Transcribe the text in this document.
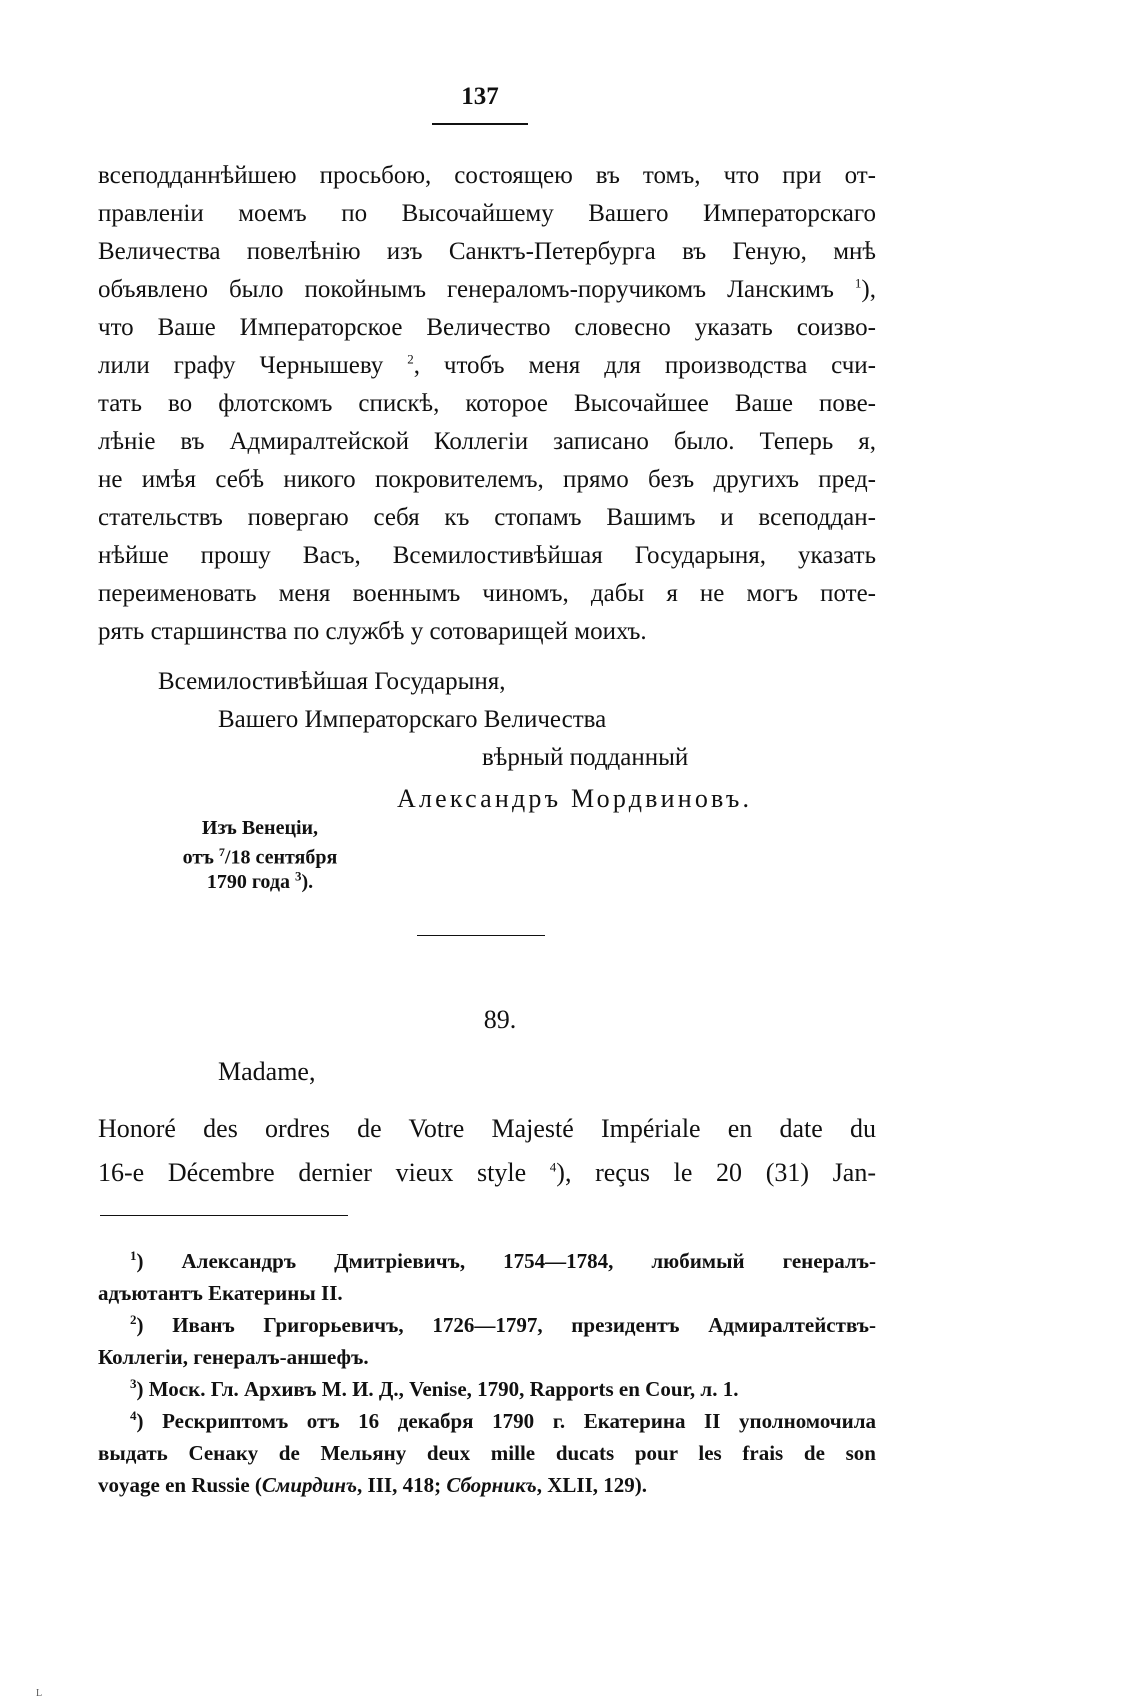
137
всеподданнѣйшею просьбою, состоящею въ томъ, что при от-
правленіи моемъ по Высочайшему Вашего Императорскаго
Величества повелѣнію изъ Санктъ-Петербурга въ Геную, мнѣ
объявлено было покойнымъ генераломъ-поручикомъ Ланскимъ $^1$),
что Ваше Императорское Величество словесно указать соизво-
лили графу Чернышеву $^2$, чтобъ меня для производства счи-
тать во флотскомъ спискѣ, которое Высочайшее Ваше пове-
лѣніе въ Адмиралтейской Коллегіи записано было. Теперь я,
не имѣя себѣ никого покровителемъ, прямо безъ другихъ пред-
стательствъ повергаю себя къ стопамъ Вашимъ и всеподдан-
нѣйше прошу Васъ, Всемилостивѣйшая Государыня, указать
переименовать меня военнымъ чиномъ, дабы я не могъ поте-
рять старшинства по службѣ у сотоварищей моихъ.
Всемилостивѣйшая Государыня,
Вашего Императорскаго Величества
вѣрный подданный
Александръ Мордвиновъ.
Изъ Венеціи,
отъ $^7$/18 сентября
1790 года $^3$).
89.
Madame,
Honoré des ordres de Votre Majesté Impériale en date du
16-e Décembre dernier vieux style $^4$), reçus le 20 (31) Jan-
$^1$) Александръ Дмитріевичъ, 1754—1784, любимый генералъ-
адъютантъ Екатерины II.
$^2$) Иванъ Григорьевичъ, 1726—1797, президентъ Адмиралтействъ-
Коллегіи, генералъ-аншефъ.
$^3$) Моск. Гл. Архивъ М. И. Д., Venise, 1790, Rapports en Cour, л. 1.
$^4$) Рескриптомъ отъ 16 декабря 1790 г. Екатерина II уполномочила
выдать Сенаку de Мельяну deux mille ducats pour les frais de son
voyage en Russie (Смирдинъ, III, 418; Сборникъ, XLII, 129).
L
